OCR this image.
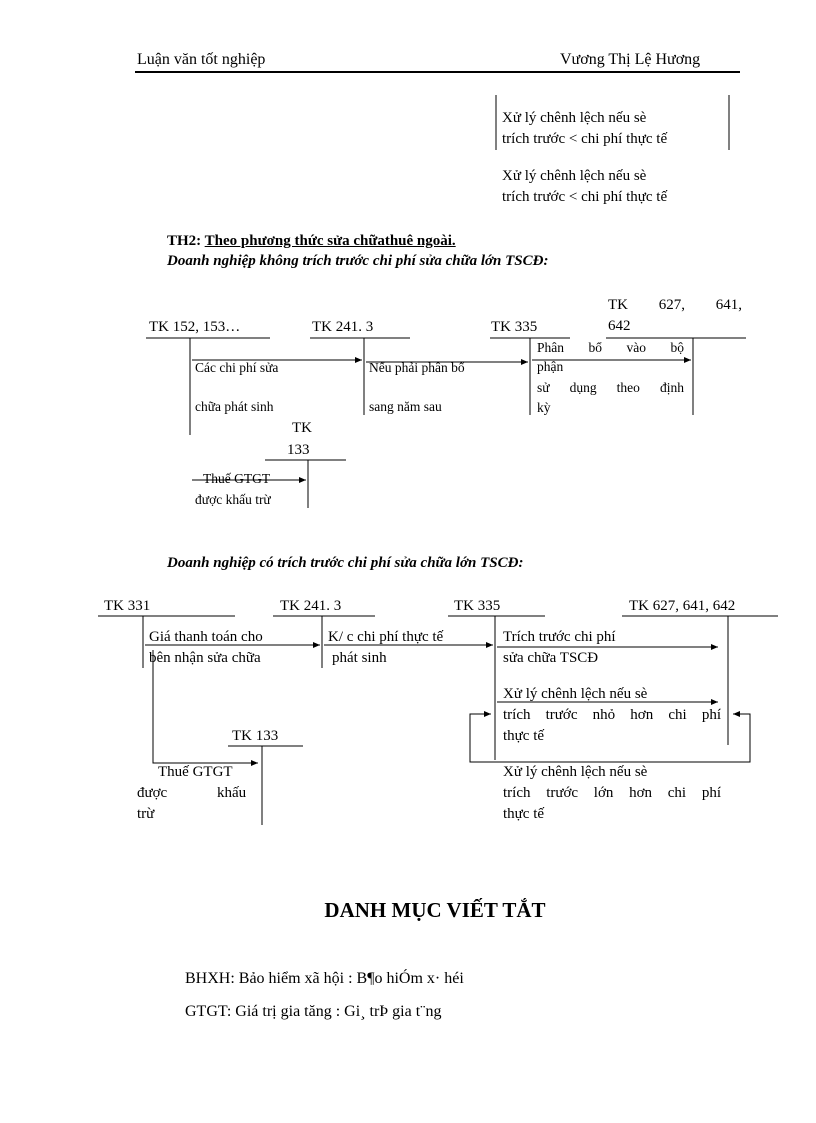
Luận văn tốt nghiệp	Vương Thị Lệ Hương
Xử lý chênh lệch nếu sè
trích trước < chi phí thực tế
Xử lý chênh lệch nếu sè
trích trước < chi phí thực tế
TH2: Theo phương thức sửa chữathuê ngoài.
Doanh nghiệp không trích trước chi phí sửa chữa lớn TSCĐ:
TK 152, 153…	TK 241. 3	TK 335
TK 627, 641,
642
Các chi phí sửa
chữa phát sinh
Nếu phải phân bổ
sang năm sau
Phân bổ vào bộ
phận
sử dụng theo định
kỳ
TK
133
Thuế GTGT
được khấu trừ
Doanh nghiệp có trích trước chi phí sửa chữa lớn TSCĐ:
TK 331	TK 241. 3	TK 335	TK 627, 641, 642
Giá thanh toán cho
bên nhận sửa chữa
K/ c chi phí thực tế
phát sinh
Trích trước chi phí
sửa chữa TSCĐ
Xử lý chênh lệch nếu sè
trích trước nhỏ hơn chi phí
thực tế
TK 133
Thuế GTGT
được	khấu
trừ
Xử lý chênh lệch nếu sè
trích trước lớn hơn chi phí
thực tế
DANH MỤC VIẾT TẮT
BHXH: Bảo hiểm xã hội : B¶o hiÓm x· héi
GTGT: Giá trị gia tăng : Gi¸ trÞ gia t¨ng
